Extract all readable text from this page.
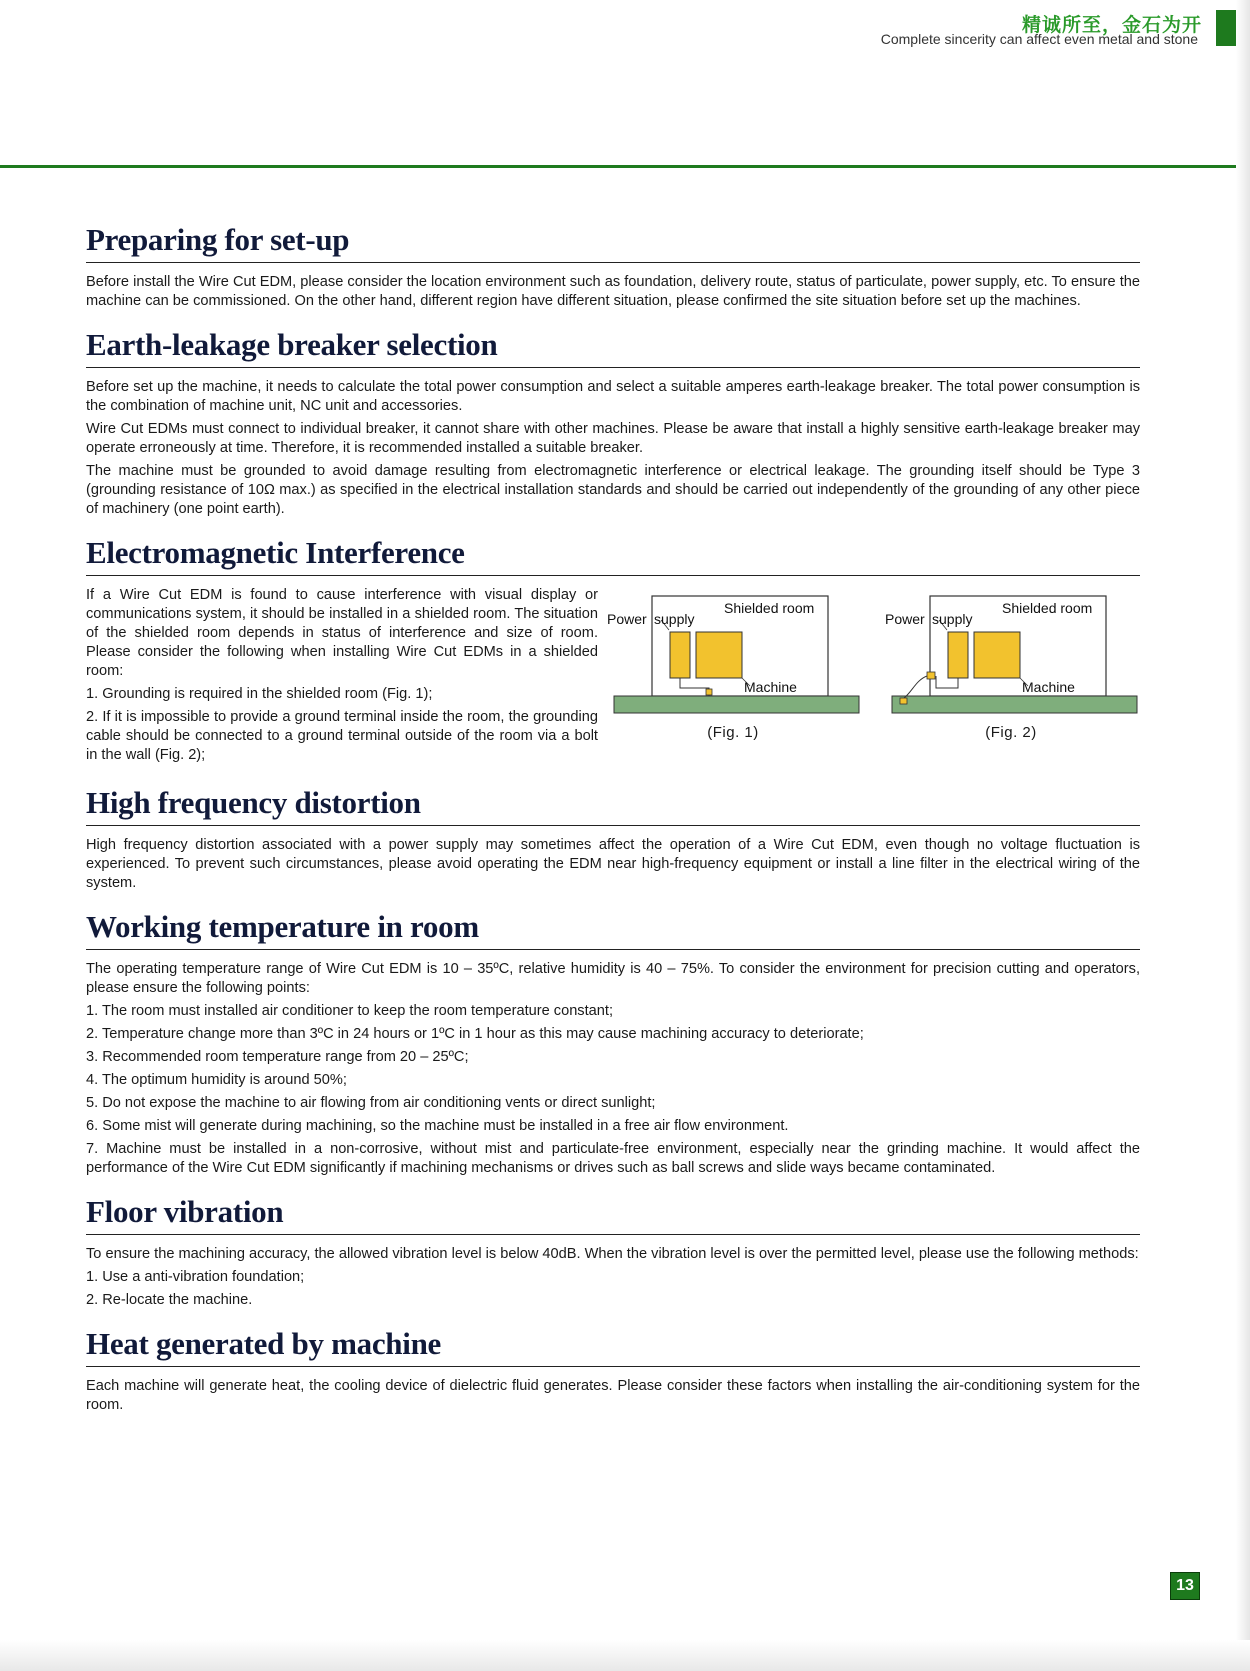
精诚所至，金石为开
Complete sincerity can affect even metal and stone
Preparing for set-up

Before install the Wire Cut EDM, please consider the location environment such as foundation, delivery route, status of particulate, power supply, etc. To ensure the machine can be commissioned. On the other hand, different region have different situation, please confirmed the site situation before set up the machines.

Earth-leakage breaker selection

Before set up the machine, it needs to calculate the total power consumption and select a suitable amperes earth-leakage breaker. The total power consumption is the combination of machine unit, NC unit and accessories.

Wire Cut EDMs must connect to individual breaker, it cannot share with other machines. Please be aware that install a highly sensitive earth-leakage breaker may operate erroneously at time. Therefore, it is recommended installed a suitable breaker.

The machine must be grounded to avoid damage resulting from electromagnetic interference or electrical leakage. The grounding itself should be Type 3 (grounding resistance of 10Ω max.) as specified in the electrical installation standards and should be carried out independently of the grounding of any other piece of machinery (one point earth).

Electromagnetic Interference

If a Wire Cut EDM is found to cause interference with visual display or communications system, it should be installed in a shielded room. The situation of the shielded room depends in status of interference and size of room. Please consider the following when installing Wire Cut EDMs in a shielded room:

1. Grounding is required in the shielded room (Fig. 1);
2. If it is impossible to provide a ground terminal inside the room, the grounding cable should be connected to a ground terminal outside of the room via a bolt in the wall (Fig. 2);
Power supply
Shielded room
Machine
(Fig. 1)
Power supply
Shielded room
Machine
(Fig. 2)
High frequency distortion

High frequency distortion associated with a power supply may sometimes affect the operation of a Wire Cut EDM, even though no voltage fluctuation is experienced. To prevent such circumstances, please avoid operating the EDM near high-frequency equipment or install a line filter in the electrical wiring of the system.

Working temperature in room

The operating temperature range of Wire Cut EDM is 10 – 35ºC, relative humidity is 40 – 75%. To consider the environment for precision cutting and operators, please ensure the following points:

1. The room must installed air conditioner to keep the room temperature constant;
2. Temperature change more than 3ºC in 24 hours or 1ºC in 1 hour as this may cause machining accuracy to deteriorate;
3. Recommended room temperature range from 20 – 25ºC;
4. The optimum humidity is around 50%;
5. Do not expose the machine to air flowing from air conditioning vents or direct sunlight;
6. Some mist will generate during machining, so the machine must be installed in a free air flow environment.
7. Machine must be installed in a non-corrosive, without mist and particulate-free environment, especially near the grinding machine. It would affect the performance of the Wire Cut EDM significantly if machining mechanisms or drives such as ball screws and slide ways became contaminated.
Floor vibration

To ensure the machining accuracy, the allowed vibration level is below 40dB. When the vibration level is over the permitted level, please use the following methods:

1. Use a anti-vibration foundation;
2. Re-locate the machine.
Heat generated by machine

Each machine will generate heat, the cooling device of dielectric fluid generates. Please consider these factors when installing the air-conditioning system for the room.

13
